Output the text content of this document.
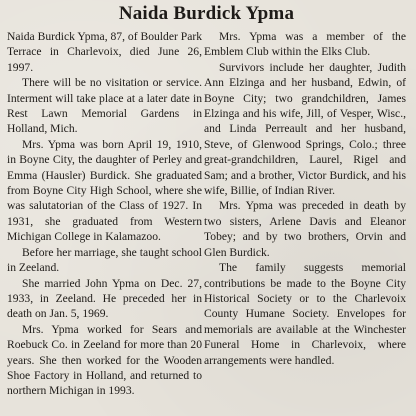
Naida Burdick Ypma

Naida Burdick Ypma, 87, of Boulder Park Terrace in Charlevoix, died June 26, 1997.

There will be no visitation or service. Interment will take place at a later date in Rest Lawn Memorial Gardens in Holland, Mich.

Mrs. Ypma was born April 19, 1910, in Boyne City, the daughter of Perley and Emma (Hausler) Burdick. She graduated from Boyne City High School, where she was salutatorian of the Class of 1927. In 1931, she graduated from Western Michigan College in Kalamazoo.

Before her marriage, she taught school in Zeeland.

She married John Ypma on Dec. 27, 1933, in Zeeland. He preceded her in death on Jan. 5, 1969.

Mrs. Ypma worked for Sears and Roebuck Co. in Zeeland for more than 20 years. She then worked for the Wooden Shoe Factory in Holland, and returned to northern Michigan in 1993.

Mrs. Ypma was a member of the Emblem Club within the Elks Club.

Survivors include her daughter, Judith Ann Elzinga and her husband, Edwin, of Boyne City; two grandchildren, James Elzinga and his wife, Jill, of Vesper, Wisc., and Linda Perreault and her husband, Steve, of Glenwood Springs, Colo.; three great-grandchildren, Laurel, Rigel and Sam; and a brother, Victor Burdick, and his wife, Billie, of Indian River.

Mrs. Ypma was preceded in death by two sisters, Arlene Davis and Eleanor Tobey; and by two brothers, Orvin and Glen Burdick.

The family suggests memorial contributions be made to the Boyne City Historical Society or to the Charlevoix County Humane Society. Envelopes for memorials are available at the Winchester Funeral Home in Charlevoix, where arrangements were handled.
